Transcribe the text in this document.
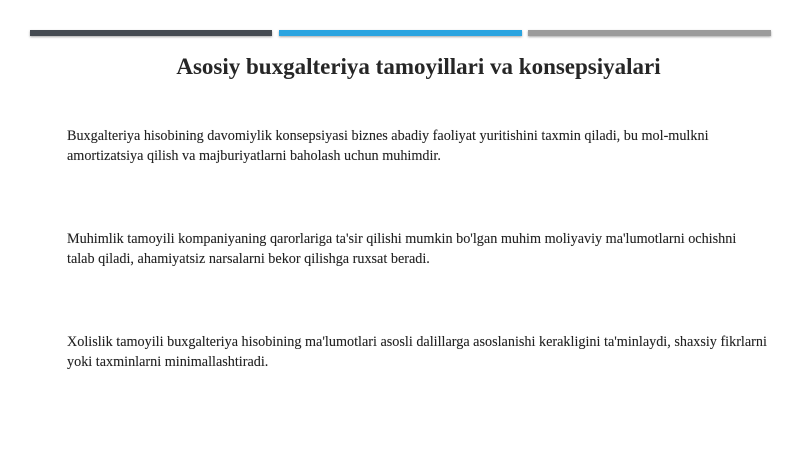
Asosiy buxgalteriya tamoyillari va konsepsiyalari

Buxgalteriya hisobining davomiylik konsepsiyasi biznes abadiy faoliyat yuritishini taxmin qiladi, bu mol-mulkni amortizatsiya qilish va majburiyatlarni baholash uchun muhimdir.

Muhimlik tamoyili kompaniyaning qarorlariga ta'sir qilishi mumkin bo'lgan muhim moliyaviy ma'lumotlarni ochishni talab qiladi, ahamiyatsiz narsalarni bekor qilishga ruxsat beradi.

Xolislik tamoyili buxgalteriya hisobining ma'lumotlari asosli dalillarga asoslanishi kerakligini ta'minlaydi, shaxsiy fikrlarni yoki taxminlarni minimallashtiradi.
